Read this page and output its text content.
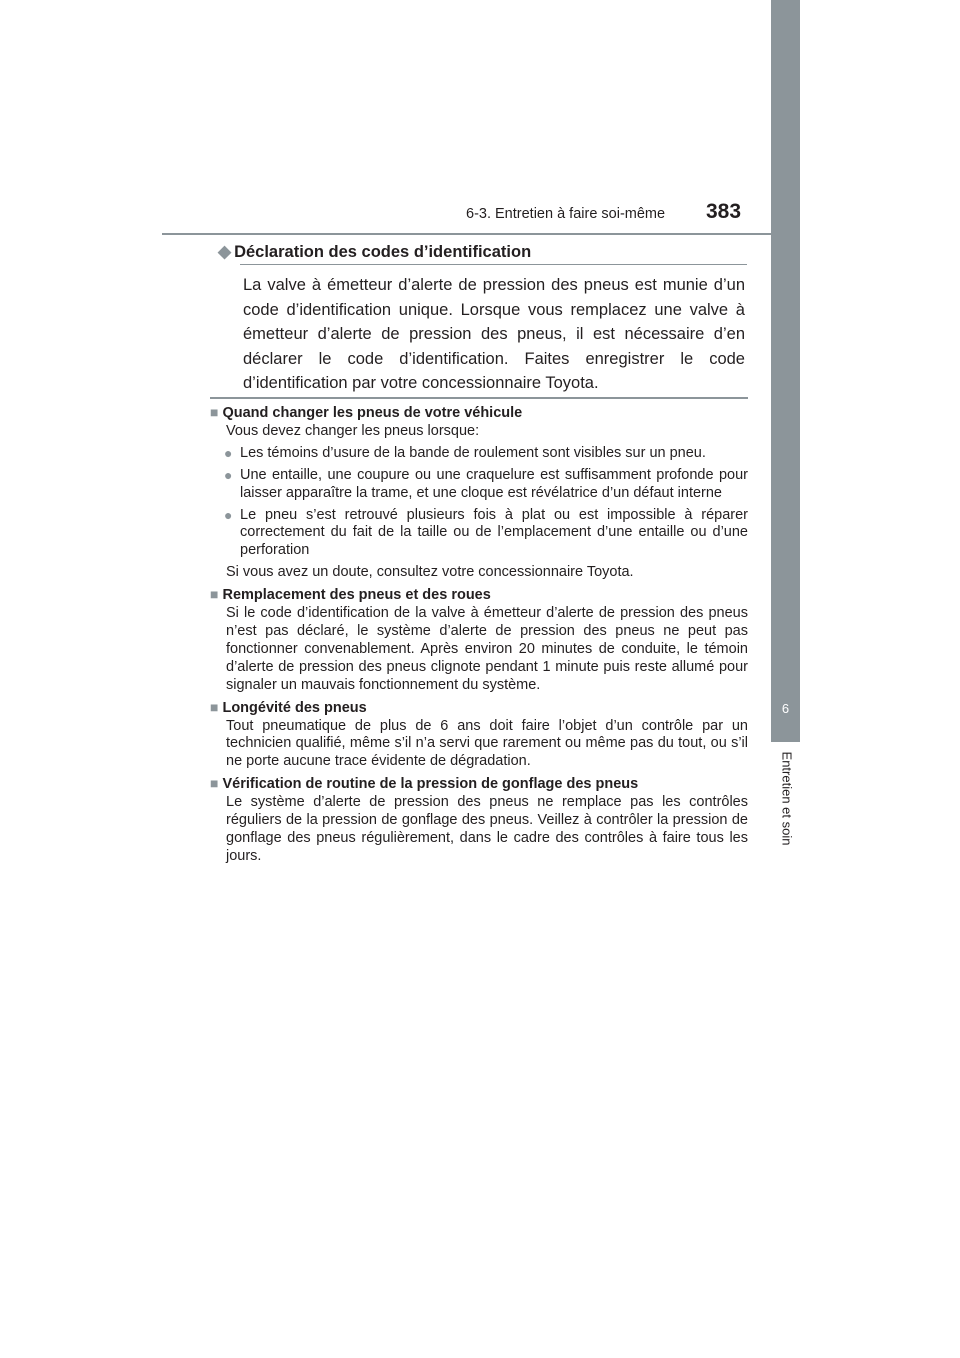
6-3. Entretien à faire soi-même 383
6
Entretien et soin
◆ Déclaration des codes d’identification
La valve à émetteur d’alerte de pression des pneus est munie d’un code d’identification unique. Lorsque vous remplacez une valve à émetteur d’alerte de pression des pneus, il est nécessaire d’en déclarer le code d’identification. Faites enregistrer le code d’identification par votre concessionnaire Toyota.
■ Quand changer les pneus de votre véhicule
Vous devez changer les pneus lorsque:
● Les témoins d’usure de la bande de roulement sont visibles sur un pneu.
● Une entaille, une coupure ou une craquelure est suffisamment profonde pour laisser apparaître la trame, et une cloque est révélatrice d’un défaut interne
● Le pneu s’est retrouvé plusieurs fois à plat ou est impossible à réparer correctement du fait de la taille ou de l’emplacement d’une entaille ou d’une perforation
Si vous avez un doute, consultez votre concessionnaire Toyota.
■ Remplacement des pneus et des roues
Si le code d’identification de la valve à émetteur d’alerte de pression des pneus n’est pas déclaré, le système d’alerte de pression des pneus ne peut pas fonctionner convenablement. Après environ 20 minutes de conduite, le témoin d’alerte de pression des pneus clignote pendant 1 minute puis reste allumé pour signaler un mauvais fonctionnement du système.
■ Longévité des pneus
Tout pneumatique de plus de 6 ans doit faire l’objet d’un contrôle par un technicien qualifié, même s’il n’a servi que rarement ou même pas du tout, ou s’il ne porte aucune trace évidente de dégradation.
■ Vérification de routine de la pression de gonflage des pneus
Le système d’alerte de pression des pneus ne remplace pas les contrôles réguliers de la pression de gonflage des pneus. Veillez à contrôler la pression de gonflage des pneus régulièrement, dans le cadre des contrôles à faire tous les jours.
